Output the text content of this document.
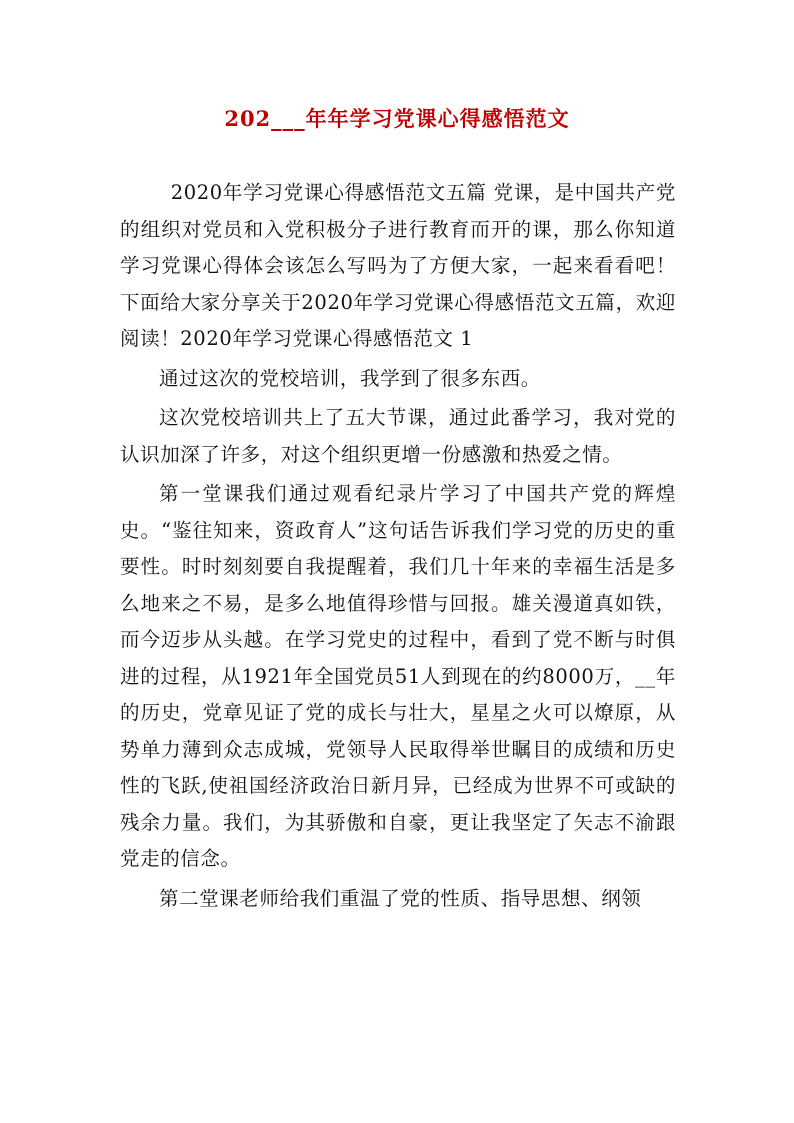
202___年年学习党课心得感悟范文

2020年学习党课心得感悟范文五篇 党课，是中国共产党的组织对党员和入党积极分子进行教育而开的课，那么你知道学习党课心得体会该怎么写吗为了方便大家，一起来看看吧！下面给大家分享关于2020年学习党课心得感悟范文五篇，欢迎阅读！2020年学习党课心得感悟范文 1

通过这次的党校培训，我学到了很多东西。

这次党校培训共上了五大节课，通过此番学习，我对党的认识加深了许多，对这个组织更增一份感激和热爱之情。

第一堂课我们通过观看纪录片学习了中国共产党的辉煌史。“鉴往知来，资政育人”这句话告诉我们学习党的历史的重要性。时时刻刻要自我提醒着，我们几十年来的幸福生活是多么地来之不易，是多么地值得珍惜与回报。雄关漫道真如铁，而今迈步从头越。在学习党史的过程中，看到了党不断与时俱进的过程，从1921年全国党员51人到现在的约8000万，__年的历史，党章见证了党的成长与壮大，星星之火可以燎原，从势单力薄到众志成城，党领导人民取得举世瞩目的成绩和历史性的飞跃,使祖国经济政治日新月异，已经成为世界不可或缺的残余力量。我们，为其骄傲和自豪，更让我坚定了矢志不渝跟党走的信念。

第二堂课老师给我们重温了党的性质、指导思想、纲领
